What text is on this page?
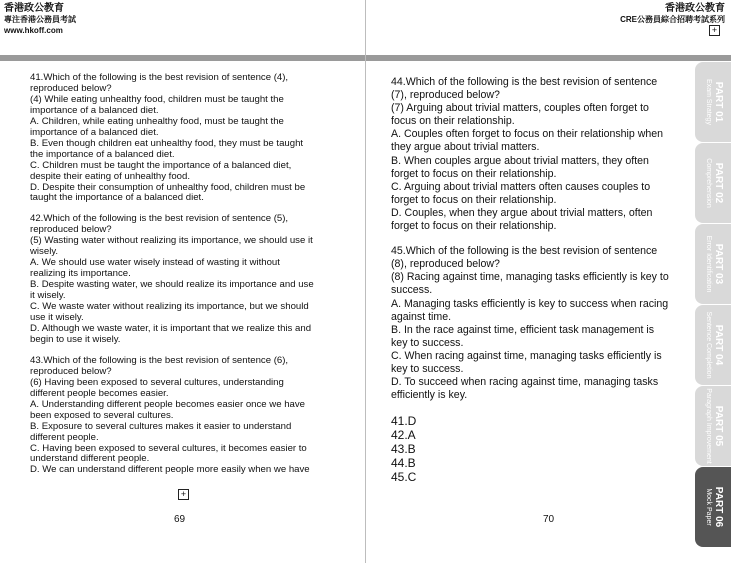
香港政公教育
專注香港公務員考試
www.hkoff.com

41.Which of the following is the best revision of sentence (4),

reproduced below?

(4) While eating unhealthy food, children must be taught the

importance of a balanced diet.

A. Children, while eating unhealthy food, must be taught the

importance of a balanced diet.

B. Even though children eat unhealthy food, they must be taught

the importance of a balanced diet.

C. Children must be taught the importance of a balanced diet,

despite their eating of unhealthy food.

D. Despite their consumption of unhealthy food, children must be

taught the importance of a balanced diet.

42.Which of the following is the best revision of sentence (5),

reproduced below?

(5) Wasting water without realizing its importance, we should use it

wisely.

A. We should use water wisely instead of wasting it without

realizing its importance.

B. Despite wasting water, we should realize its importance and use

it wisely.

C. We waste water without realizing its importance, but we should

use it wisely.

D. Although we waste water, it is important that we realize this and

begin to use it wisely.

43.Which of the following is the best revision of sentence (6),

reproduced below?

(6) Having been exposed to several cultures, understanding

different people becomes easier.

A. Understanding different people becomes easier once we have

been exposed to several cultures.

B. Exposure to several cultures makes it easier to understand

different people.

C. Having been exposed to several cultures, it becomes easier to

understand different people.

D. We can understand different people more easily when we have

+
69
香港政公教育
CRE公務員綜合招聘考試系列
+

44.Which of the following is the best revision of sentence

(7), reproduced below?

(7) Arguing about trivial matters, couples often forget to

focus on their relationship.

A. Couples often forget to focus on their relationship when

they argue about trivial matters.

B. When couples argue about trivial matters, they often

forget to focus on their relationship.

C. Arguing about trivial matters often causes couples to

forget to focus on their relationship.

D. Couples, when they argue about trivial matters, often

forget to focus on their relationship.

45.Which of the following is the best revision of sentence

(8), reproduced below?

(8) Racing against time, managing tasks efficiently is key to

success.

A. Managing tasks efficiently is key to success when racing

against time.

B. In the race against time, efficient task management is

key to success.

C. When racing against time, managing tasks efficiently is

key to success.

D. To succeed when racing against time, managing tasks

efficiently is key.

41.D

42.A

43.B

44.B

45.C

70
PART 01
Exam Strategy
PART 02
Comprehension
PART 03
Error Identification
PART 04
Sentence Completion
PART 05
Paragraph Improvement
PART 06
Mock Paper
